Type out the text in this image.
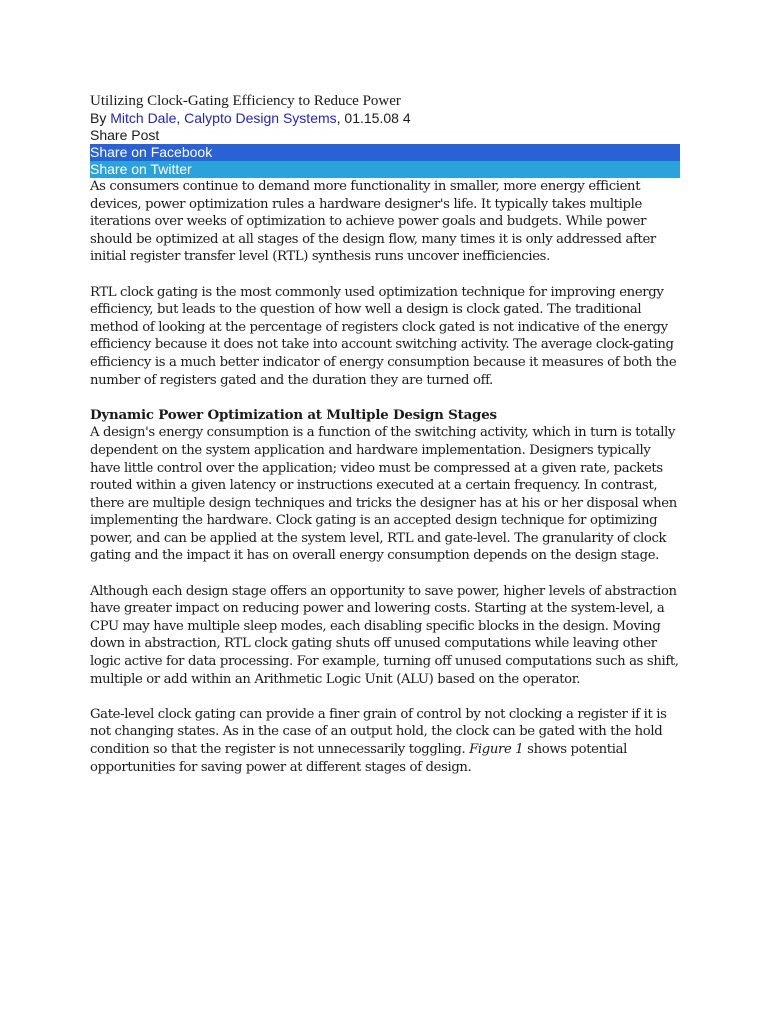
Utilizing Clock-Gating Efficiency to Reduce Power

By Mitch Dale, Calypto Design Systems, 01.15.08 4

Share Post

Share on Facebook
Share on Twitter

As consumers continue to demand more functionality in smaller, more energy efficient devices, power optimization rules a hardware designer's life. It typically takes multiple iterations over weeks of optimization to achieve power goals and budgets. While power should be optimized at all stages of the design flow, many times it is only addressed after initial register transfer level (RTL) synthesis runs uncover inefficiencies.

RTL clock gating is the most commonly used optimization technique for improving energy efficiency, but leads to the question of how well a design is clock gated. The traditional method of looking at the percentage of registers clock gated is not indicative of the energy efficiency because it does not take into account switching activity. The average clock-gating efficiency is a much better indicator of energy consumption because it measures of both the number of registers gated and the duration they are turned off.

Dynamic Power Optimization at Multiple Design Stages

A design's energy consumption is a function of the switching activity, which in turn is totally dependent on the system application and hardware implementation. Designers typically have little control over the application; video must be compressed at a given rate, packets routed within a given latency or instructions executed at a certain frequency. In contrast, there are multiple design techniques and tricks the designer has at his or her disposal when implementing the hardware. Clock gating is an accepted design technique for optimizing power, and can be applied at the system level, RTL and gate-level. The granularity of clock gating and the impact it has on overall energy consumption depends on the design stage.

Although each design stage offers an opportunity to save power, higher levels of abstraction have greater impact on reducing power and lowering costs. Starting at the system-level, a CPU may have multiple sleep modes, each disabling specific blocks in the design. Moving down in abstraction, RTL clock gating shuts off unused computations while leaving other logic active for data processing. For example, turning off unused computations such as shift, multiple or add within an Arithmetic Logic Unit (ALU) based on the operator.

Gate-level clock gating can provide a finer grain of control by not clocking a register if it is not changing states. As in the case of an output hold, the clock can be gated with the hold condition so that the register is not unnecessarily toggling. Figure 1 shows potential opportunities for saving power at different stages of design.
